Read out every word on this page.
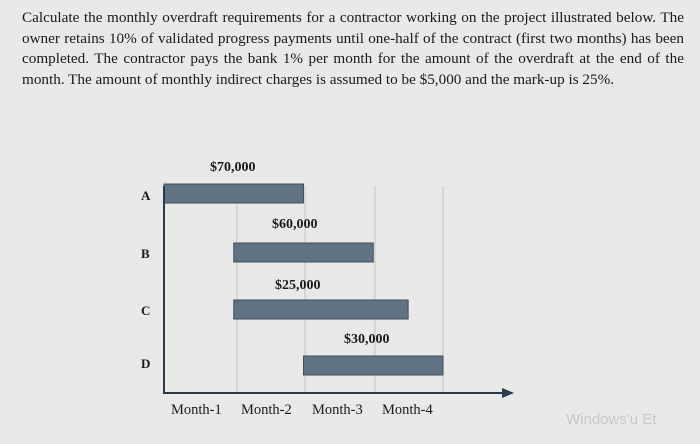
Calculate the monthly overdraft requirements for a contractor working on the project illustrated below. The owner retains 10% of validated progress payments until one-half of the contract (first two months) has been completed. The contractor pays the bank 1% per month for the amount of the overdraft at the end of the month. The amount of monthly indirect charges is assumed to be $5,000 and the mark-up is 25%.
$70,000
$60,000
$25,000
$30,000
A
B
C
D
Month-1 Month-2 Month-3 Month-4
Windows'u Et
